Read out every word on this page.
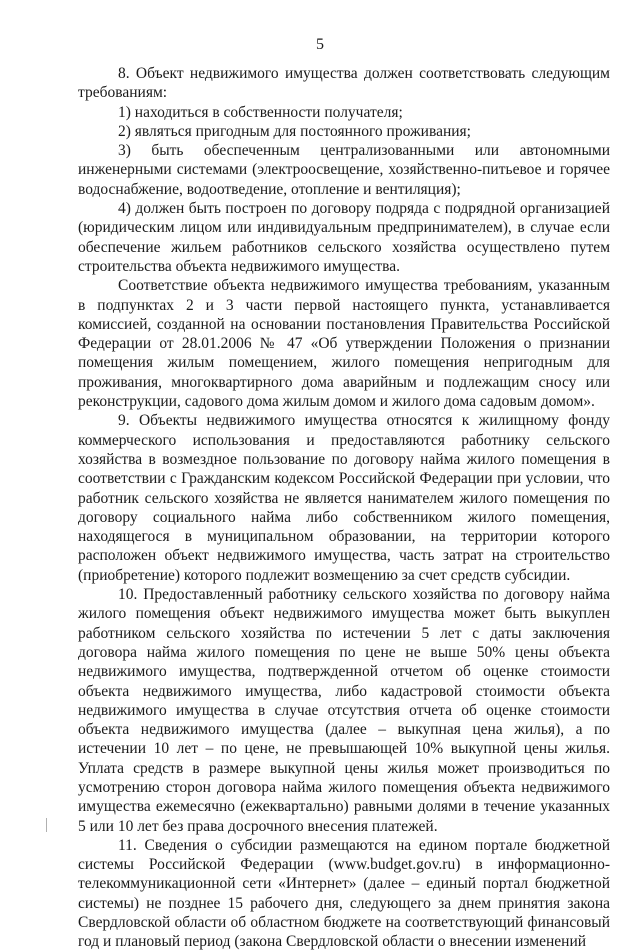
5

8. Объект недвижимого имущества должен соответствовать следующим требованиям:

1) находиться в собственности получателя;

2) являться пригодным для постоянного проживания;

3) быть обеспеченным централизованными или автономными инженерными системами (электроосвещение, хозяйственно-питьевое и горячее водоснабжение, водоотведение, отопление и вентиляция);

4) должен быть построен по договору подряда с подрядной организацией (юридическим лицом или индивидуальным предпринимателем), в случае если обеспечение жильем работников сельского хозяйства осуществлено путем строительства объекта недвижимого имущества.

Соответствие объекта недвижимого имущества требованиям, указанным в подпунктах 2 и 3 части первой настоящего пункта, устанавливается комиссией, созданной на основании постановления Правительства Российской Федерации от 28.01.2006 № 47 «Об утверждении Положения о признании помещения жилым помещением, жилого помещения непригодным для проживания, многоквартирного дома аварийным и подлежащим сносу или реконструкции, садового дома жилым домом и жилого дома садовым домом».

9. Объекты недвижимого имущества относятся к жилищному фонду коммерческого использования и предоставляются работнику сельского хозяйства в возмездное пользование по договору найма жилого помещения в соответствии с Гражданским кодексом Российской Федерации при условии, что работник сельского хозяйства не является нанимателем жилого помещения по договору социального найма либо собственником жилого помещения, находящегося в муниципальном образовании, на территории которого расположен объект недвижимого имущества, часть затрат на строительство (приобретение) которого подлежит возмещению за счет средств субсидии.

10. Предоставленный работнику сельского хозяйства по договору найма жилого помещения объект недвижимого имущества может быть выкуплен работником сельского хозяйства по истечении 5 лет с даты заключения договора найма жилого помещения по цене не выше 50% цены объекта недвижимого имущества, подтвержденной отчетом об оценке стоимости объекта недвижимого имущества, либо кадастровой стоимости объекта недвижимого имущества в случае отсутствия отчета об оценке стоимости объекта недвижимого имущества (далее – выкупная цена жилья), а по истечении 10 лет – по цене, не превышающей 10% выкупной цены жилья. Уплата средств в размере выкупной цены жилья может производиться по усмотрению сторон договора найма жилого помещения объекта недвижимого имущества ежемесячно (ежеквартально) равными долями в течение указанных 5 или 10 лет без права досрочного внесения платежей.

11. Сведения о субсидии размещаются на едином портале бюджетной системы Российской Федерации (www.budget.gov.ru) в информационно-телекоммуникационной сети «Интернет» (далее – единый портал бюджетной системы) не позднее 15 рабочего дня, следующего за днем принятия закона Свердловской области об областном бюджете на соответствующий финансовый год и плановый период (закона Свердловской области о внесении изменений
